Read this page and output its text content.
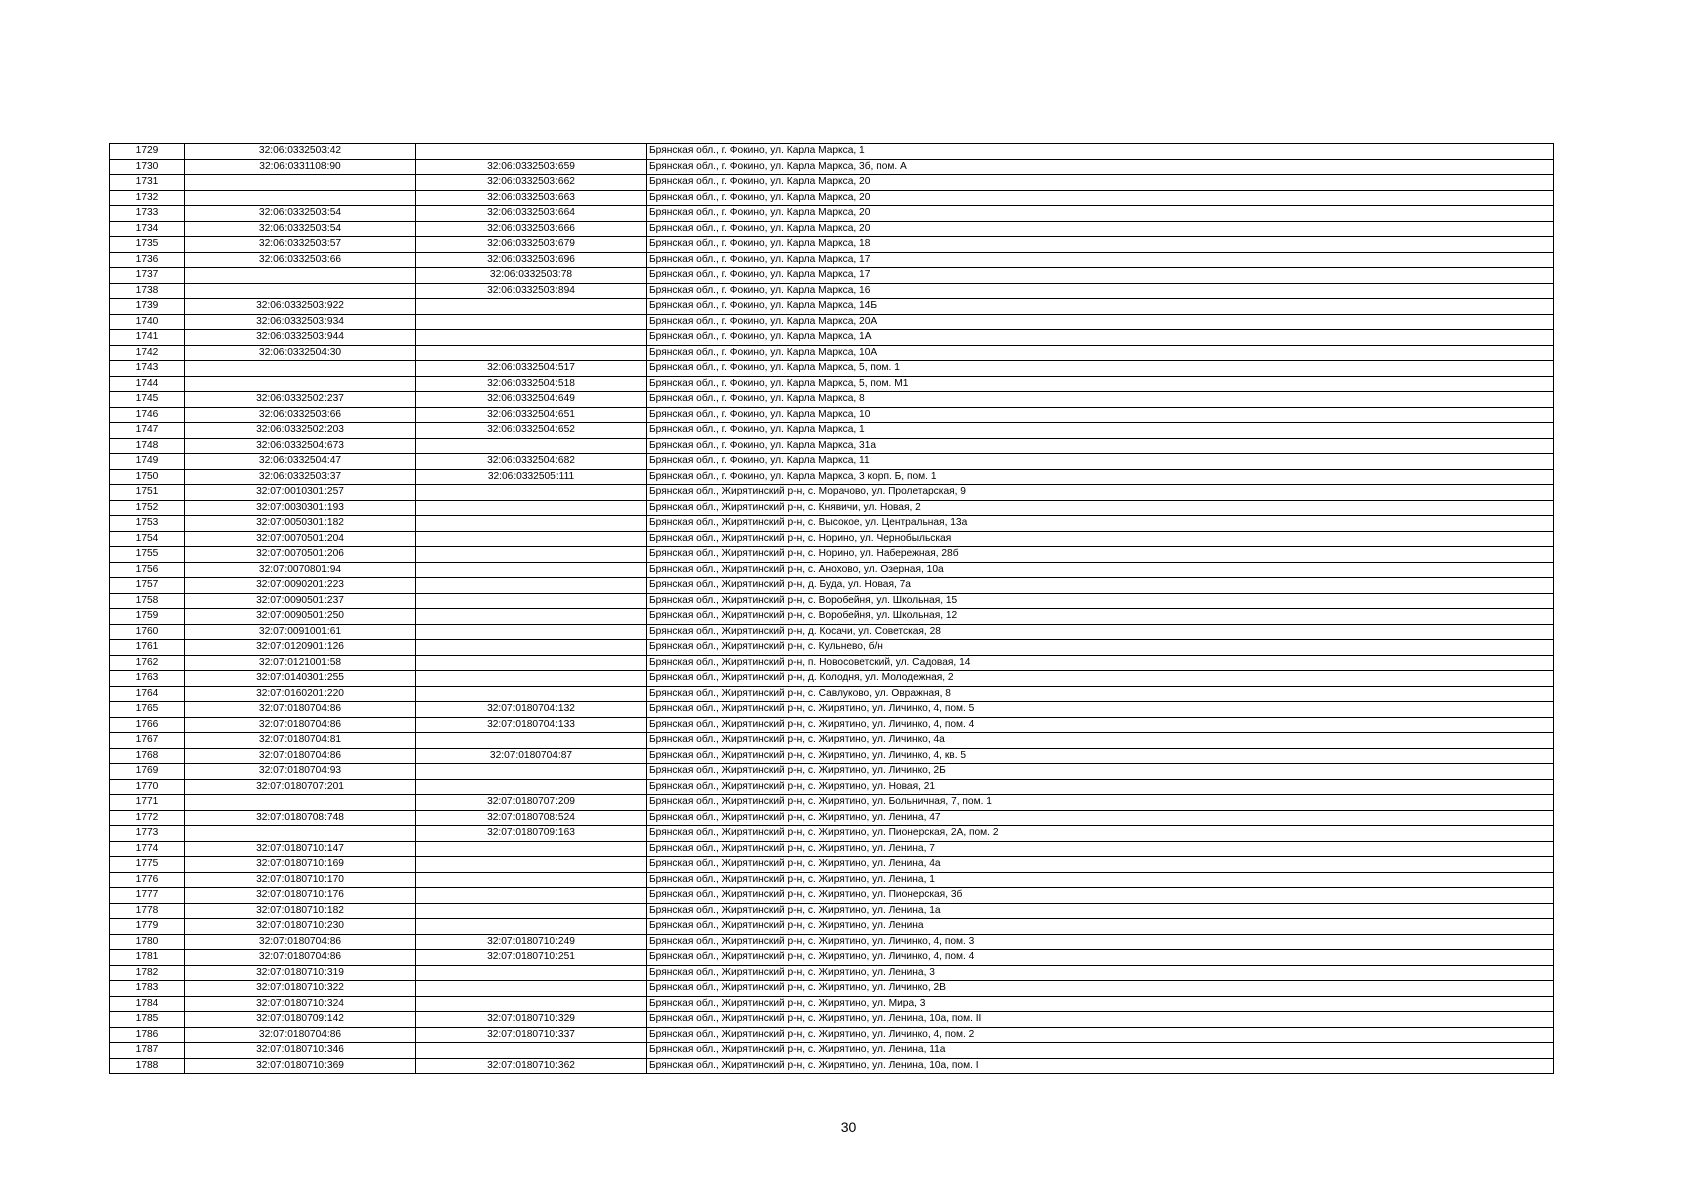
1729	32:06:0332503:42		Брянская обл., г. Фокино, ул. Карла Маркса, 1
1730	32:06:0331108:90	32:06:0332503:659	Брянская обл., г. Фокино, ул. Карла Маркса, 3б, пом. А
1731		32:06:0332503:662	Брянская обл., г. Фокино, ул. Карла Маркса, 20
1732		32:06:0332503:663	Брянская обл., г. Фокино, ул. Карла Маркса, 20
1733	32:06:0332503:54	32:06:0332503:664	Брянская обл., г. Фокино, ул. Карла Маркса, 20
1734	32:06:0332503:54	32:06:0332503:666	Брянская обл., г. Фокино, ул. Карла Маркса, 20
1735	32:06:0332503:57	32:06:0332503:679	Брянская обл., г. Фокино, ул. Карла Маркса, 18
1736	32:06:0332503:66	32:06:0332503:696	Брянская обл., г. Фокино, ул. Карла Маркса, 17
1737		32:06:0332503:78	Брянская обл., г. Фокино, ул. Карла Маркса, 17
1738		32:06:0332503:894	Брянская обл., г. Фокино, ул. Карла Маркса, 16
1739	32:06:0332503:922		Брянская обл., г. Фокино, ул. Карла Маркса, 14Б
1740	32:06:0332503:934		Брянская обл., г. Фокино, ул. Карла Маркса, 20А
1741	32:06:0332503:944		Брянская обл., г. Фокино, ул. Карла Маркса, 1А
1742	32:06:0332504:30		Брянская обл., г. Фокино, ул. Карла Маркса, 10А
1743		32:06:0332504:517	Брянская обл., г. Фокино, ул. Карла Маркса, 5, пом. 1
1744		32:06:0332504:518	Брянская обл., г. Фокино, ул. Карла Маркса, 5, пом. М1
1745	32:06:0332502:237	32:06:0332504:649	Брянская обл., г. Фокино, ул. Карла Маркса, 8
1746	32:06:0332503:66	32:06:0332504:651	Брянская обл., г. Фокино, ул. Карла Маркса, 10
1747	32:06:0332502:203	32:06:0332504:652	Брянская обл., г. Фокино, ул. Карла Маркса, 1
1748	32:06:0332504:673		Брянская обл., г. Фокино, ул. Карла Маркса, 31а
1749	32:06:0332504:47	32:06:0332504:682	Брянская обл., г. Фокино, ул. Карла Маркса, 11
1750	32:06:0332503:37	32:06:0332505:111	Брянская обл., г. Фокино, ул. Карла Маркса, 3 корп. Б, пом. 1
1751	32:07:0010301:257		Брянская обл., Жирятинский р-н, с. Морачово, ул. Пролетарская, 9
1752	32:07:0030301:193		Брянская обл., Жирятинский р-н, с. Княвичи, ул. Новая, 2
1753	32:07:0050301:182		Брянская обл., Жирятинский р-н, с. Высокое, ул. Центральная, 13а
1754	32:07:0070501:204		Брянская обл., Жирятинский р-н, с. Норино, ул. Чернобыльская
1755	32:07:0070501:206		Брянская обл., Жирятинский р-н, с. Норино, ул. Набережная, 28б
1756	32:07:0070801:94		Брянская обл., Жирятинский р-н, с. Анохово, ул. Озерная, 10а
1757	32:07:0090201:223		Брянская обл., Жирятинский р-н, д. Буда, ул. Новая, 7а
1758	32:07:0090501:237		Брянская обл., Жирятинский р-н, с. Воробейня, ул. Школьная, 15
1759	32:07:0090501:250		Брянская обл., Жирятинский р-н, с. Воробейня, ул. Школьная, 12
1760	32:07:0091001:61		Брянская обл., Жирятинский р-н, д. Косачи, ул. Советская, 28
1761	32:07:0120901:126		Брянская обл., Жирятинский р-н, с. Кульнево, б/н
1762	32:07:0121001:58		Брянская обл., Жирятинский р-н, п. Новосоветский, ул. Садовая, 14
1763	32:07:0140301:255		Брянская обл., Жирятинский р-н, д. Колодня, ул. Молодежная, 2
1764	32:07:0160201:220		Брянская обл., Жирятинский р-н, с. Савлуково, ул. Овражная, 8
1765	32:07:0180704:86	32:07:0180704:132	Брянская обл., Жирятинский р-н, с. Жирятино, ул. Личинко, 4, пом. 5
1766	32:07:0180704:86	32:07:0180704:133	Брянская обл., Жирятинский р-н, с. Жирятино, ул. Личинко, 4, пом. 4
1767	32:07:0180704:81		Брянская обл., Жирятинский р-н, с. Жирятино, ул. Личинко, 4а
1768	32:07:0180704:86	32:07:0180704:87	Брянская обл., Жирятинский р-н, с. Жирятино, ул. Личинко, 4, кв. 5
1769	32:07:0180704:93		Брянская обл., Жирятинский р-н, с. Жирятино, ул. Личинко, 2Б
1770	32:07:0180707:201		Брянская обл., Жирятинский р-н, с. Жирятино, ул. Новая, 21
1771		32:07:0180707:209	Брянская обл., Жирятинский р-н, с. Жирятино, ул. Больничная, 7, пом. 1
1772	32:07:0180708:748	32:07:0180708:524	Брянская обл., Жирятинский р-н, с. Жирятино, ул. Ленина, 47
1773		32:07:0180709:163	Брянская обл., Жирятинский р-н, с. Жирятино, ул. Пионерская, 2А, пом. 2
1774	32:07:0180710:147		Брянская обл., Жирятинский р-н, с. Жирятино, ул. Ленина, 7
1775	32:07:0180710:169		Брянская обл., Жирятинский р-н, с. Жирятино, ул. Ленина, 4а
1776	32:07:0180710:170		Брянская обл., Жирятинский р-н, с. Жирятино, ул. Ленина, 1
1777	32:07:0180710:176		Брянская обл., Жирятинский р-н, с. Жирятино, ул. Пионерская, 3б
1778	32:07:0180710:182		Брянская обл., Жирятинский р-н, с. Жирятино, ул. Ленина, 1а
1779	32:07:0180710:230		Брянская обл., Жирятинский р-н, с. Жирятино, ул. Ленина
1780	32:07:0180704:86	32:07:0180710:249	Брянская обл., Жирятинский р-н, с. Жирятино, ул. Личинко, 4, пом. 3
1781	32:07:0180704:86	32:07:0180710:251	Брянская обл., Жирятинский р-н, с. Жирятино, ул. Личинко, 4, пом. 4
1782	32:07:0180710:319		Брянская обл., Жирятинский р-н, с. Жирятино, ул. Ленина, 3
1783	32:07:0180710:322		Брянская обл., Жирятинский р-н, с. Жирятино, ул. Личинко, 2В
1784	32:07:0180710:324		Брянская обл., Жирятинский р-н, с. Жирятино, ул. Мира, 3
1785	32:07:0180709:142	32:07:0180710:329	Брянская обл., Жирятинский р-н, с. Жирятино, ул. Ленина, 10а, пом. II
1786	32:07:0180704:86	32:07:0180710:337	Брянская обл., Жирятинский р-н, с. Жирятино, ул. Личинко, 4, пом. 2
1787	32:07:0180710:346		Брянская обл., Жирятинский р-н, с. Жирятино, ул. Ленина, 11а
1788	32:07:0180710:369	32:07:0180710:362	Брянская обл., Жирятинский р-н, с. Жирятино, ул. Ленина, 10а, пом. I
30
